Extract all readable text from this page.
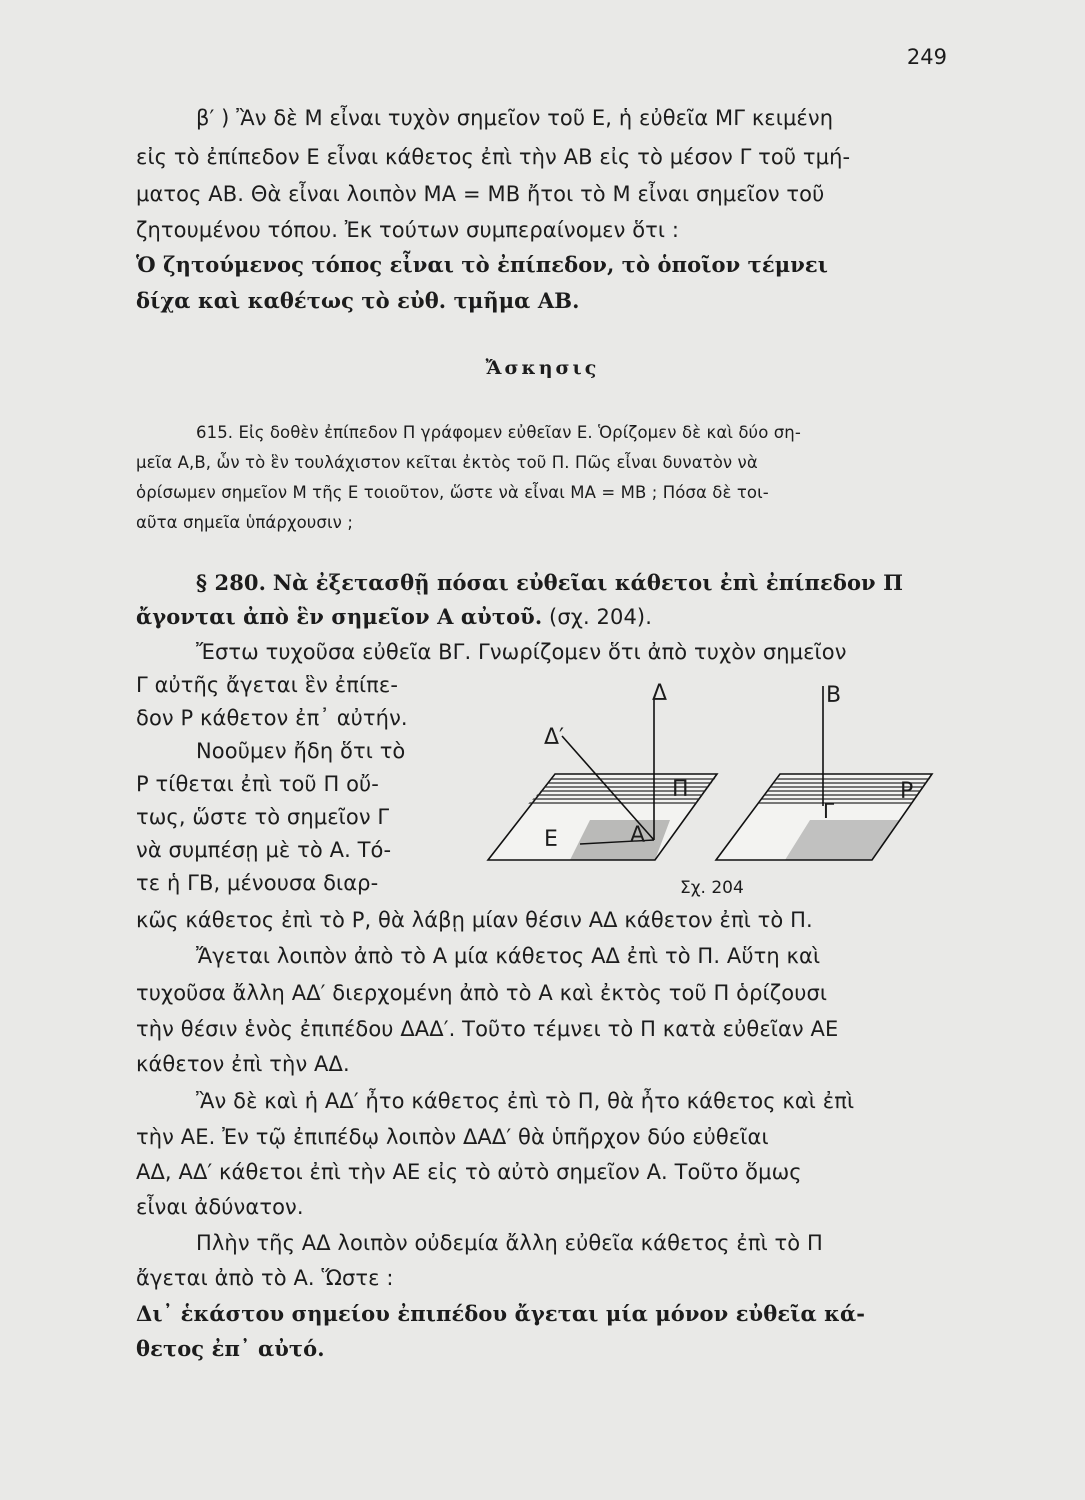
249
β′ ) Ἂν δὲ Μ εἶναι τυχὸν σημεῖον τοῦ Ε, ἡ εὐθεῖα ΜΓ κειμένη
εἰς τὸ ἐπίπεδον Ε εἶναι κάθετος ἐπὶ τὴν ΑΒ εἰς τὸ μέσον Γ τοῦ τμή-
ματος ΑΒ. Θὰ εἶναι λοιπὸν ΜΑ = ΜΒ ἤτοι τὸ Μ εἶναι σημεῖον τοῦ
ζητουμένου τόπου. Ἐκ τούτων συμπεραίνομεν ὅτι :
Ὁ ζητούμενος τόπος εἶναι τὸ ἐπίπεδον, τὸ ὁποῖον τέμνει
δίχα καὶ καθέτως τὸ εὐθ. τμῆμα ΑΒ.
Ἄσκησις
615. Εἰς δοθὲν ἐπίπεδον Π γράφομεν εὐθεῖαν Ε. Ὁρίζομεν δὲ καὶ δύο ση-
μεῖα Α,Β, ὧν τὸ ἓν τουλάχιστον κεῖται ἐκτὸς τοῦ Π. Πῶς εἶναι δυνατὸν νὰ
ὁρίσωμεν σημεῖον Μ τῆς Ε τοιοῦτον, ὥστε νὰ εἶναι ΜΑ = ΜΒ ; Πόσα δὲ τοι-
αῦτα σημεῖα ὑπάρχουσιν ;
§ 280. Νὰ ἐξετασθῇ πόσαι εὐθεῖαι κάθετοι ἐπὶ ἐπίπεδον Π
ἄγονται ἀπὸ ἓν σημεῖον Α αὐτοῦ. (σχ. 204).
Ἔστω τυχοῦσα εὐθεῖα ΒΓ. Γνωρίζομεν ὅτι ἀπὸ τυχὸν σημεῖον
Γ αὐτῆς ἄγεται ἓν ἐπίπε-
δον Ρ κάθετον ἐπ᾿ αὐτήν.
Νοοῦμεν ἤδη ὅτι τὸ
Ρ τίθεται ἐπὶ τοῦ Π οὔ-
τως, ὥστε τὸ σημεῖον Γ
νὰ συμπέσῃ μὲ τὸ Α. Τό-
τε ἡ ΓΒ, μένουσα διαρ-
κῶς κάθετος ἐπὶ τὸ Ρ, θὰ λάβῃ μίαν θέσιν ΑΔ κάθετον ἐπὶ τὸ Π.
Ἄγεται λοιπὸν ἀπὸ τὸ Α μία κάθετος ΑΔ ἐπὶ τὸ Π. Αὕτη καὶ
τυχοῦσα ἄλλη ΑΔ′ διερχομένη ἀπὸ τὸ Α καὶ ἐκτὸς τοῦ Π ὁρίζουσι
τὴν θέσιν ἑνὸς ἐπιπέδου ΔΑΔ′. Τοῦτο τέμνει τὸ Π κατὰ εὐθεῖαν ΑΕ
κάθετον ἐπὶ τὴν ΑΔ.
Ἂν δὲ καὶ ἡ ΑΔ′ ἦτο κάθετος ἐπὶ τὸ Π, θὰ ἦτο κάθετος καὶ ἐπὶ
τὴν ΑΕ. Ἐν τῷ ἐπιπέδῳ λοιπὸν ΔΑΔ′ θὰ ὑπῆρχον δύο εὐθεῖαι
ΑΔ, ΑΔ′ κάθετοι ἐπὶ τὴν ΑΕ εἰς τὸ αὐτὸ σημεῖον Α. Τοῦτο ὅμως
εἶναι ἀδύνατον.
Πλὴν τῆς ΑΔ λοιπὸν οὐδεμία ἄλλη εὐθεῖα κάθετος ἐπὶ τὸ Π
ἄγεται ἀπὸ τὸ Α. Ὥστε :
Δι᾿ ἑκάστου σημείου ἐπιπέδου ἄγεται μία μόνον εὐθεῖα κά-
θετος ἐπ᾿ αὐτό.
Δ
Δ′
Π
Ε	Α
Β
Γ
Ρ
Σχ. 204
